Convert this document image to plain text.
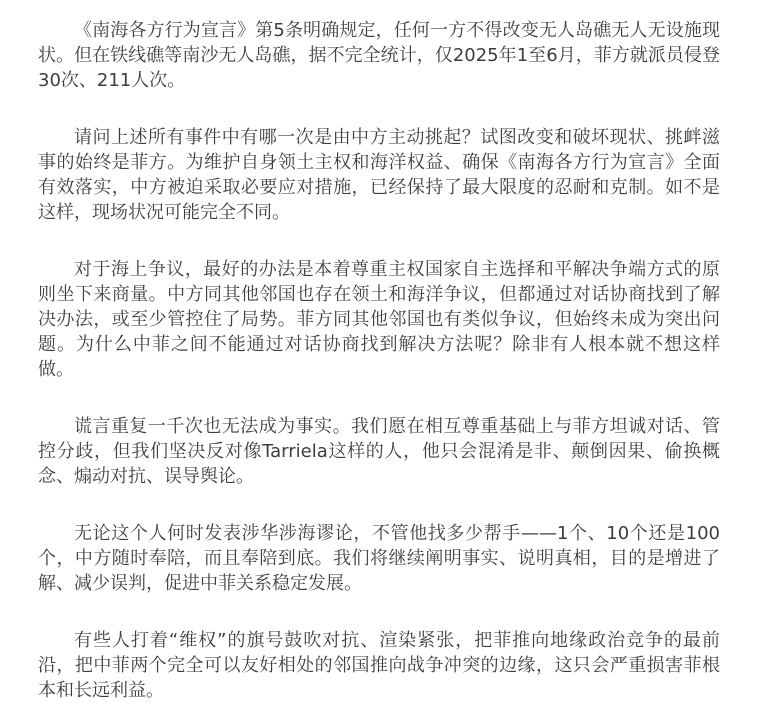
《南海各方行为宣言》第5条明确规定，任何一方不得改变无人岛礁无人无设施现状。但在铁线礁等南沙无人岛礁，据不完全统计，仅2025年1至6月，菲方就派员侵登30次、211人次。

请问上述所有事件中有哪一次是由中方主动挑起？试图改变和破坏现状、挑衅滋事的始终是菲方。为维护自身领土主权和海洋权益、确保《南海各方行为宣言》全面有效落实，中方被迫采取必要应对措施，已经保持了最大限度的忍耐和克制。如不是这样，现场状况可能完全不同。

对于海上争议，最好的办法是本着尊重主权国家自主选择和平解决争端方式的原则坐下来商量。中方同其他邻国也存在领土和海洋争议，但都通过对话协商找到了解决办法，或至少管控住了局势。菲方同其他邻国也有类似争议，但始终未成为突出问题。为什么中菲之间不能通过对话协商找到解决方法呢？除非有人根本就不想这样做。

谎言重复一千次也无法成为事实。我们愿在相互尊重基础上与菲方坦诚对话、管控分歧，但我们坚决反对像Tarriela这样的人，他只会混淆是非、颠倒因果、偷换概念、煽动对抗、误导舆论。

无论这个人何时发表涉华涉海谬论，不管他找多少帮手——1个、10个还是100个，中方随时奉陪，而且奉陪到底。我们将继续阐明事实、说明真相，目的是增进了解、减少误判，促进中菲关系稳定发展。

有些人打着“维权”的旗号鼓吹对抗、渲染紧张，把菲推向地缘政治竞争的最前沿，把中菲两个完全可以友好相处的邻国推向战争冲突的边缘，这只会严重损害菲根本和长远利益。
